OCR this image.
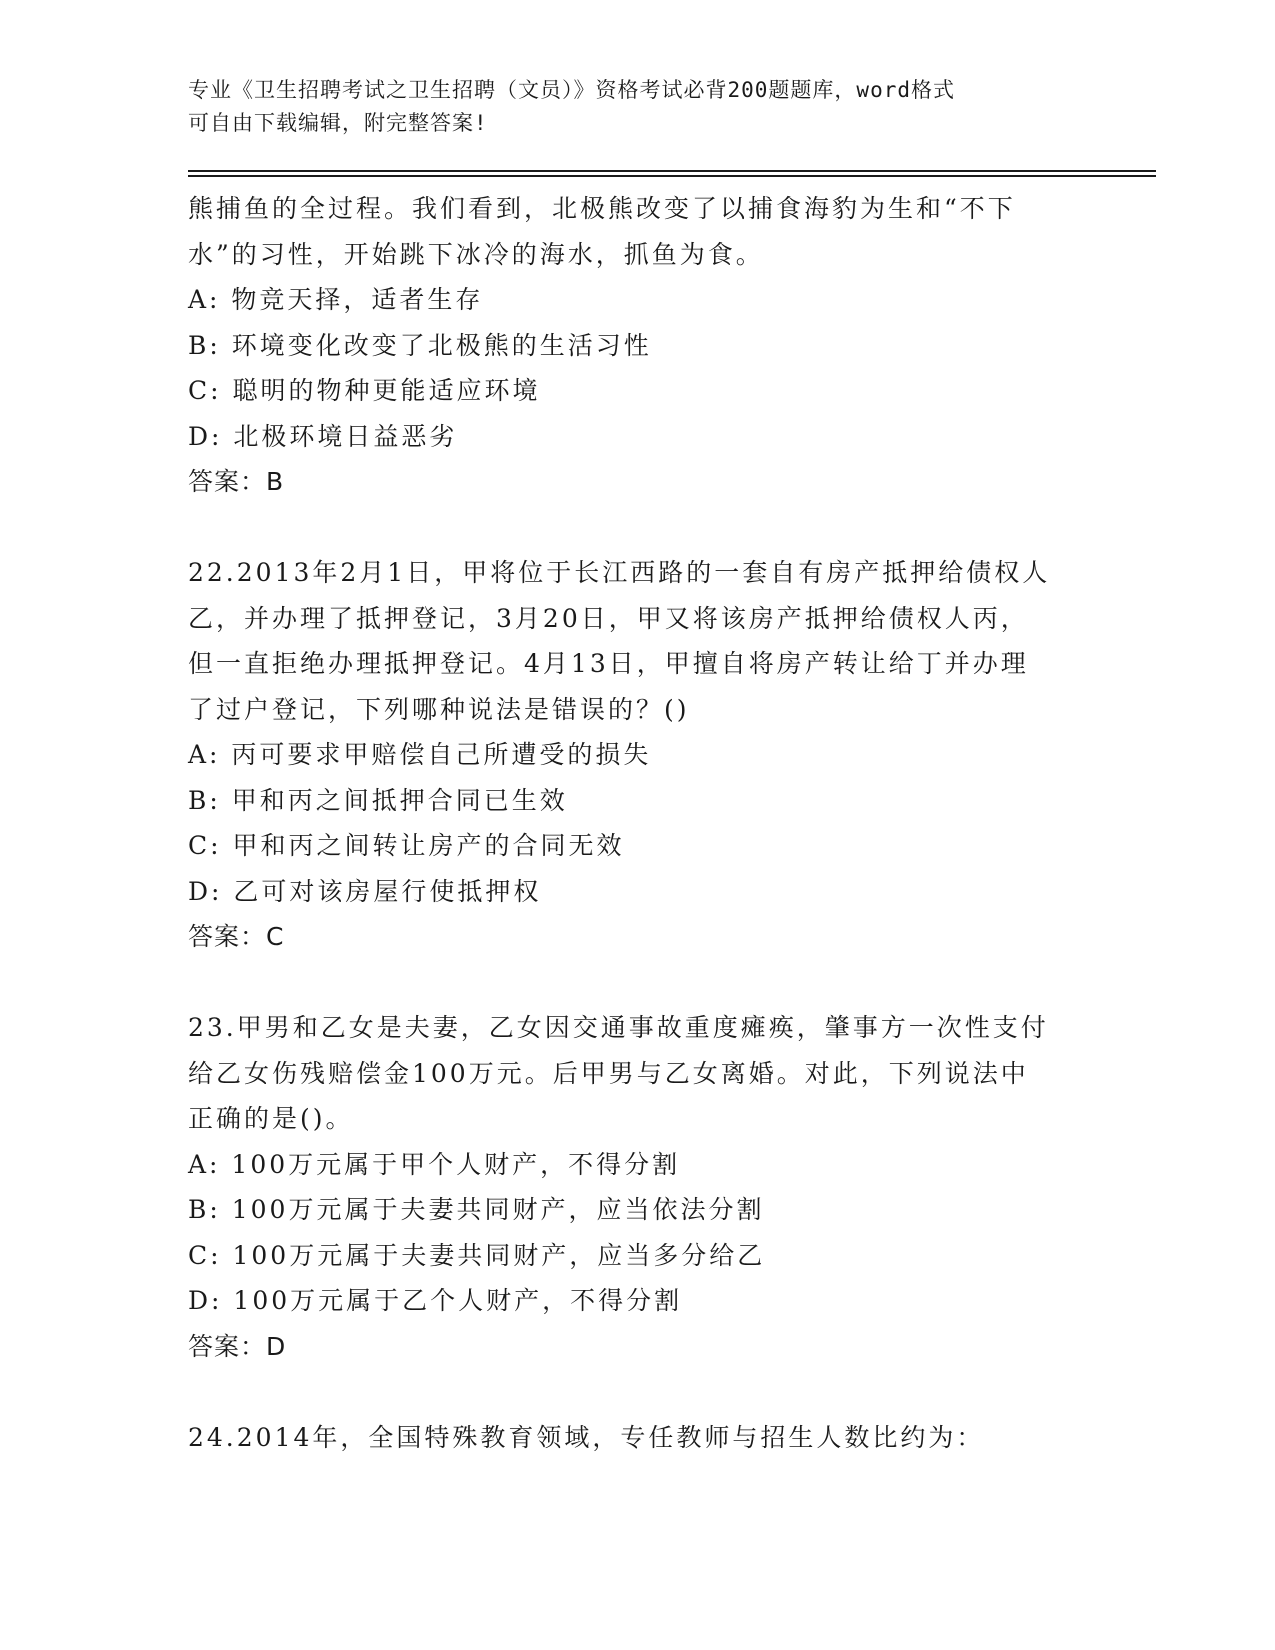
专业《卫生招聘考试之卫生招聘（文员）》资格考试必背200题题库，word格式
可自由下载编辑，附完整答案!
熊捕鱼的全过程。我们看到，北极熊改变了以捕食海豹为生和“不下
水”的习性，开始跳下冰冷的海水，抓鱼为食。
A: 物竞天择，适者生存
B: 环境变化改变了北极熊的生活习性
C: 聪明的物种更能适应环境
D: 北极环境日益恶劣
答案：B
22.2013年2月1日，甲将位于长江西路的一套自有房产抵押给债权人
乙，并办理了抵押登记，3月20日，甲又将该房产抵押给债权人丙，
但一直拒绝办理抵押登记。4月13日，甲擅自将房产转让给丁并办理
了过户登记，下列哪种说法是错误的？()
A: 丙可要求甲赔偿自己所遭受的损失
B: 甲和丙之间抵押合同已生效
C: 甲和丙之间转让房产的合同无效
D: 乙可对该房屋行使抵押权
答案：C
23.甲男和乙女是夫妻，乙女因交通事故重度瘫痪，肇事方一次性支付
给乙女伤残赔偿金100万元。后甲男与乙女离婚。对此，下列说法中
正确的是()。
A: 100万元属于甲个人财产，不得分割
B: 100万元属于夫妻共同财产，应当依法分割
C: 100万元属于夫妻共同财产，应当多分给乙
D: 100万元属于乙个人财产，不得分割
答案：D
24.2014年，全国特殊教育领域，专任教师与招生人数比约为：
